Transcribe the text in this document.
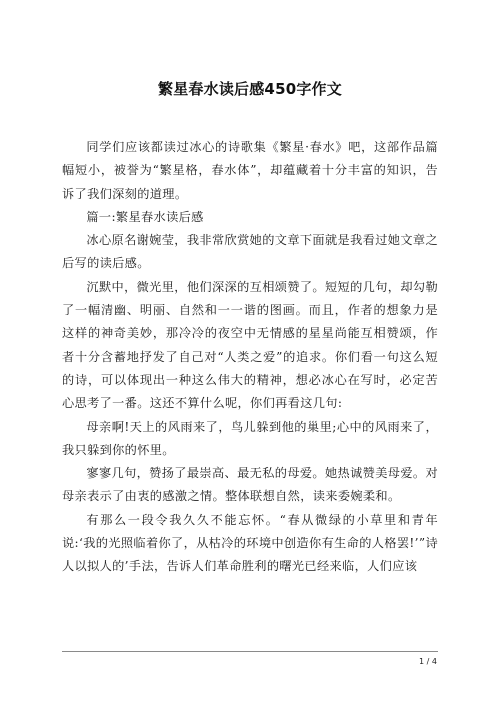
繁星春水读后感450字作文

同学们应该都读过冰心的诗歌集《繁星·春水》吧，这部作品篇幅短小，被誉为“繁星格，春水体”，却蕴藏着十分丰富的知识，告诉了我们深刻的道理。

篇一:繁星春水读后感

冰心原名谢婉莹，我非常欣赏她的文章下面就是我看过她文章之后写的读后感。

沉默中，微光里，他们深深的互相颂赞了。短短的几句，却勾勒了一幅清幽、明丽、自然和一一谐的图画。而且，作者的想象力是这样的神奇美妙，那冷冷的夜空中无情感的星星尚能互相赞颂，作者十分含蓄地抒发了自己对“人类之爱”的追求。你们看一句这么短的诗，可以体现出一种这么伟大的精神，想必冰心在写时，必定苦心思考了一番。这还不算什么呢，你们再看这几句:

母亲啊!天上的风雨来了，鸟儿躲到他的巢里;心中的风雨来了，我只躲到你的怀里。

寥寥几句，赞扬了最崇高、最无私的母爱。她热诚赞美母爱。对母亲表示了由衷的感激之情。整体联想自然，读来委婉柔和。

有那么一段令我久久不能忘怀。“春从微绿的小草里和青年说:‘我的光照临着你了，从枯冷的环境中创造你有生命的人格罢!’”诗人以拟人的’手法，告诉人们革命胜利的曙光已经来临，人们应该

1 / 4
